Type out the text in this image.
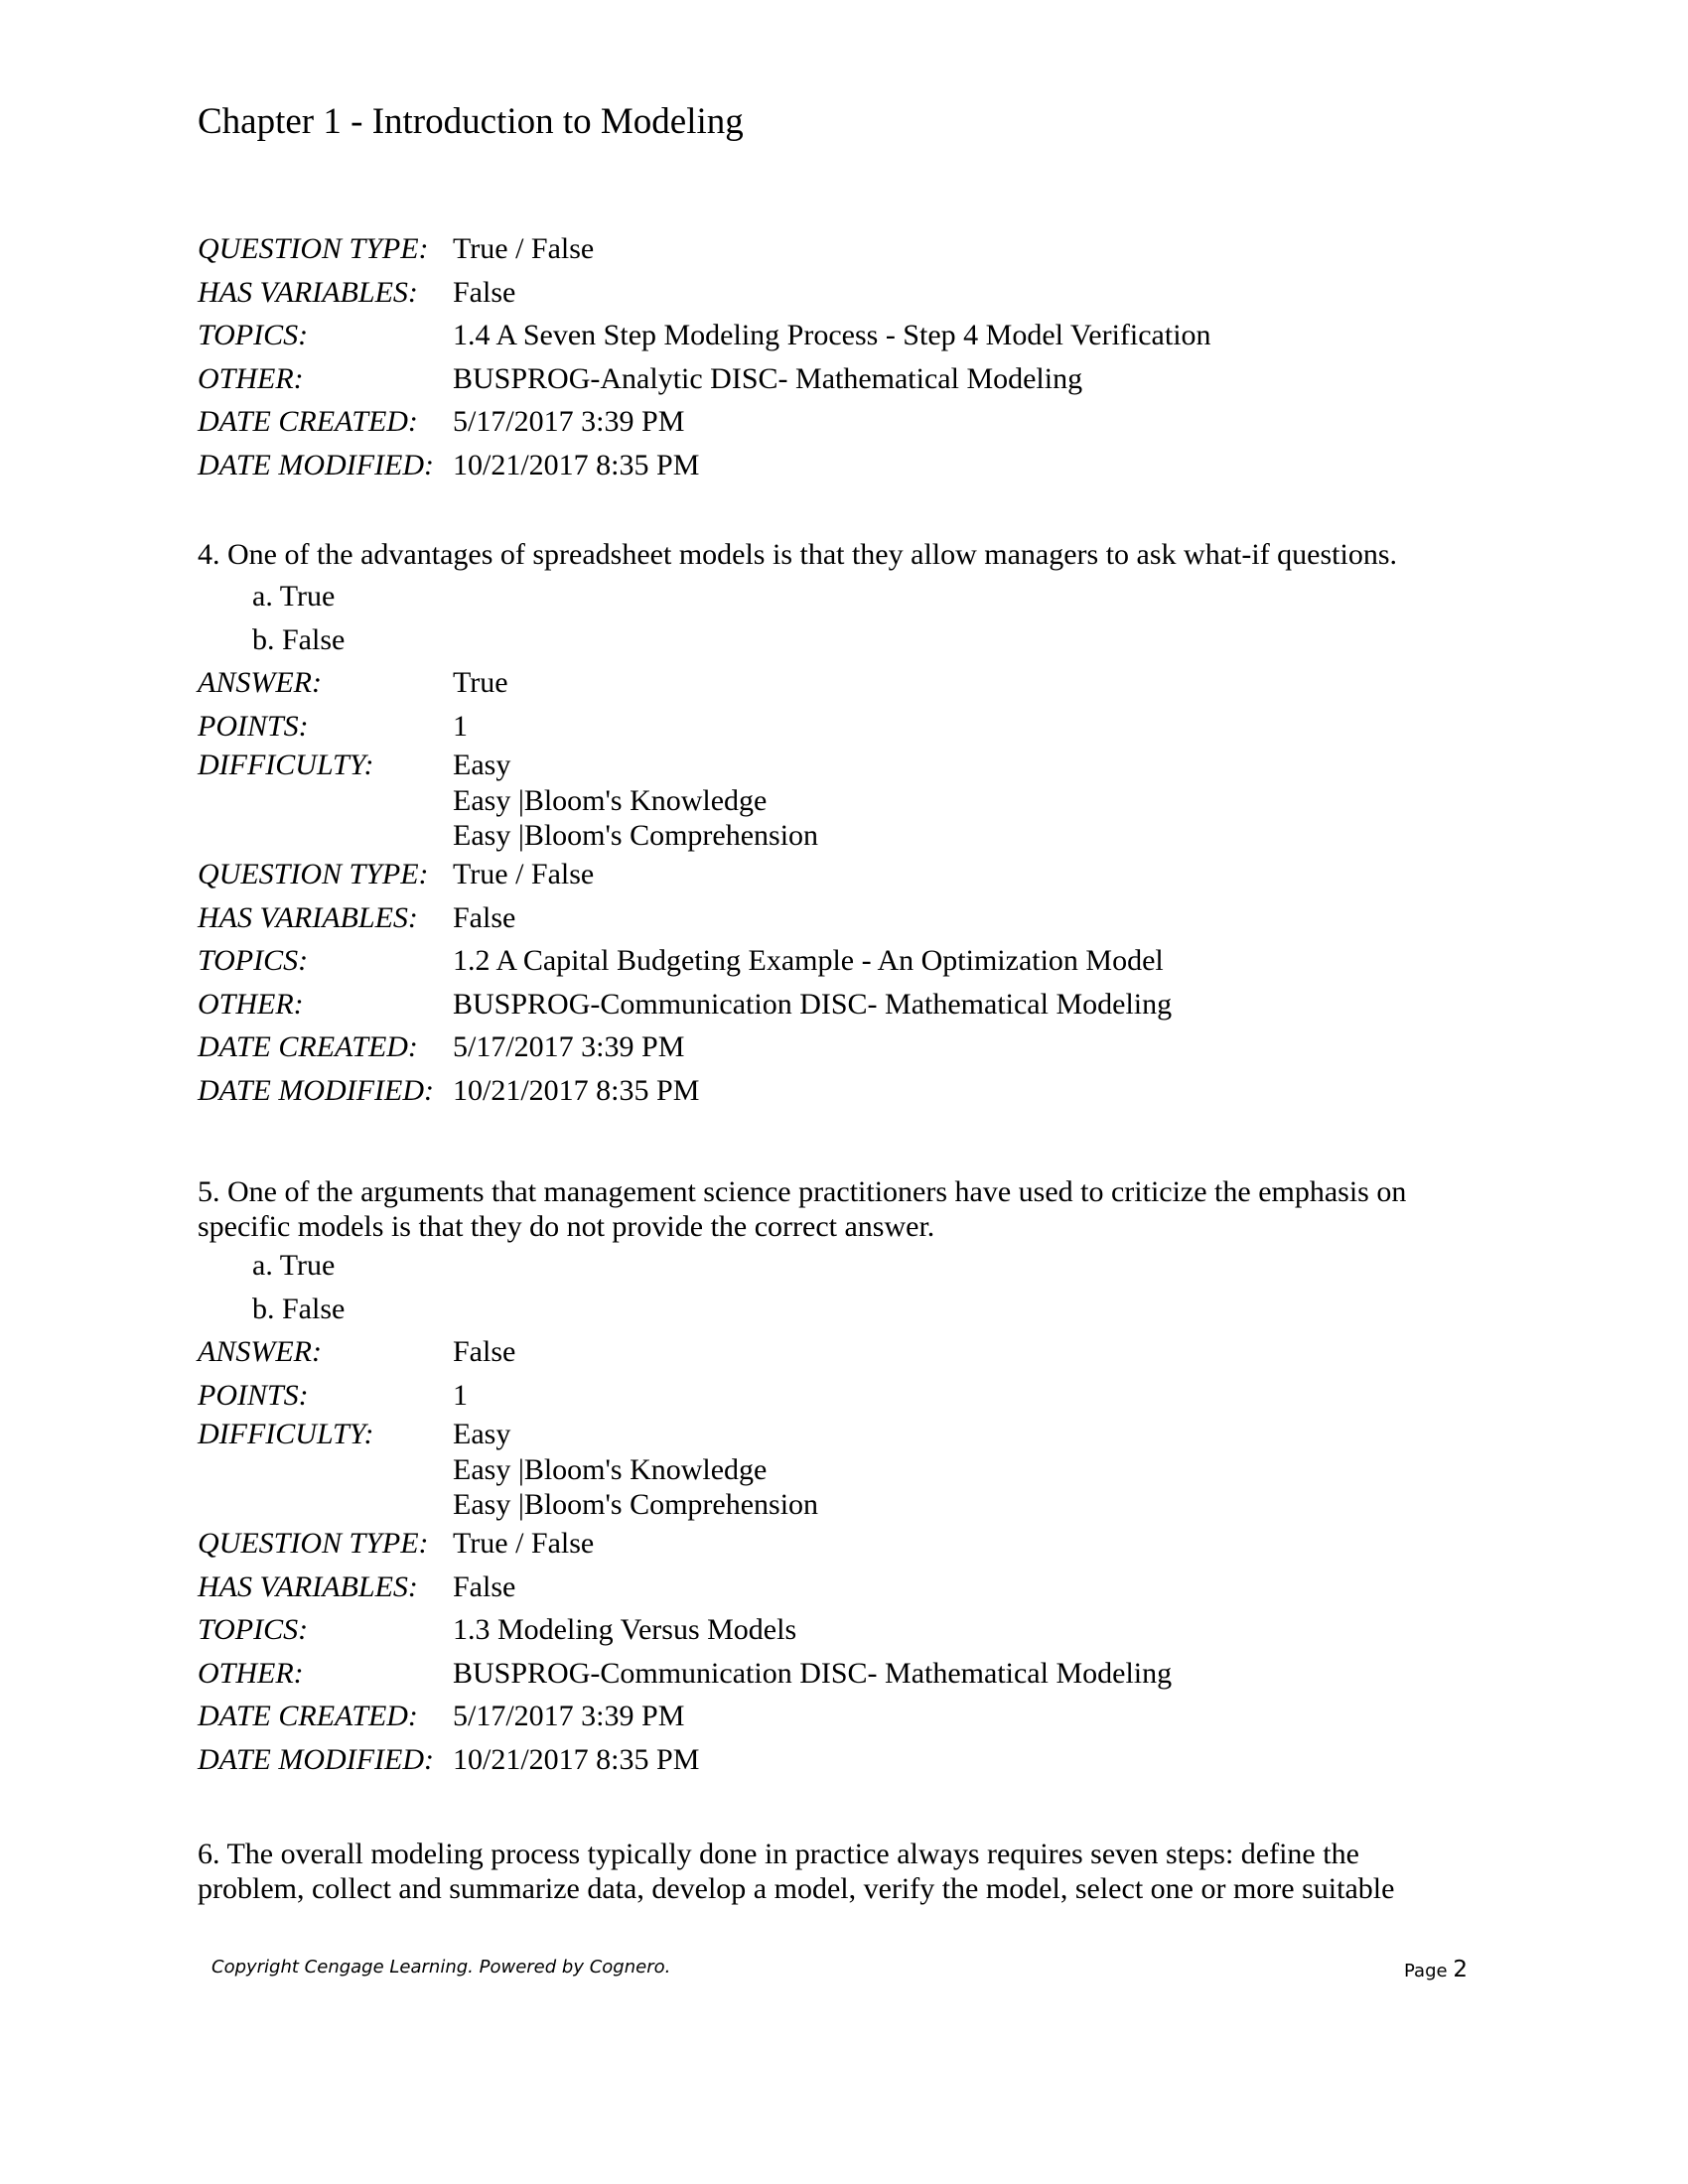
Chapter 1 - Introduction to Modeling
QUESTION TYPE: True / False
HAS VARIABLES: False
TOPICS:	1.4 A Seven Step Modeling Process - Step 4 Model Verification
OTHER:	BUSPROG-Analytic DISC- Mathematical Modeling
DATE CREATED: 5/17/2017 3:39 PM
DATE MODIFIED: 10/21/2017 8:35 PM
4. One of the advantages of spreadsheet models is that they allow managers to ask what-if questions.
a. True
b. False
ANSWER:	True
POINTS:	1
DIFFICULTY:	Easy
Easy |Bloom's Knowledge
Easy |Bloom's Comprehension
QUESTION TYPE: True / False
HAS VARIABLES: False
TOPICS:	1.2 A Capital Budgeting Example - An Optimization Model
OTHER:	BUSPROG-Communication DISC- Mathematical Modeling
DATE CREATED: 5/17/2017 3:39 PM
DATE MODIFIED: 10/21/2017 8:35 PM
5. One of the arguments that management science practitioners have used to criticize the emphasis on
specific models is that they do not provide the correct answer.
a. True
b. False
ANSWER:	False
POINTS:	1
DIFFICULTY:	Easy
Easy |Bloom's Knowledge
Easy |Bloom's Comprehension
QUESTION TYPE: True / False
HAS VARIABLES: False
TOPICS:	1.3 Modeling Versus Models
OTHER:	BUSPROG-Communication DISC- Mathematical Modeling
DATE CREATED: 5/17/2017 3:39 PM
DATE MODIFIED: 10/21/2017 8:35 PM
6. The overall modeling process typically done in practice always requires seven steps: define the
problem, collect and summarize data, develop a model, verify the model, select one or more suitable
Copyright Cengage Learning. Powered by Cognero.	Page 2
